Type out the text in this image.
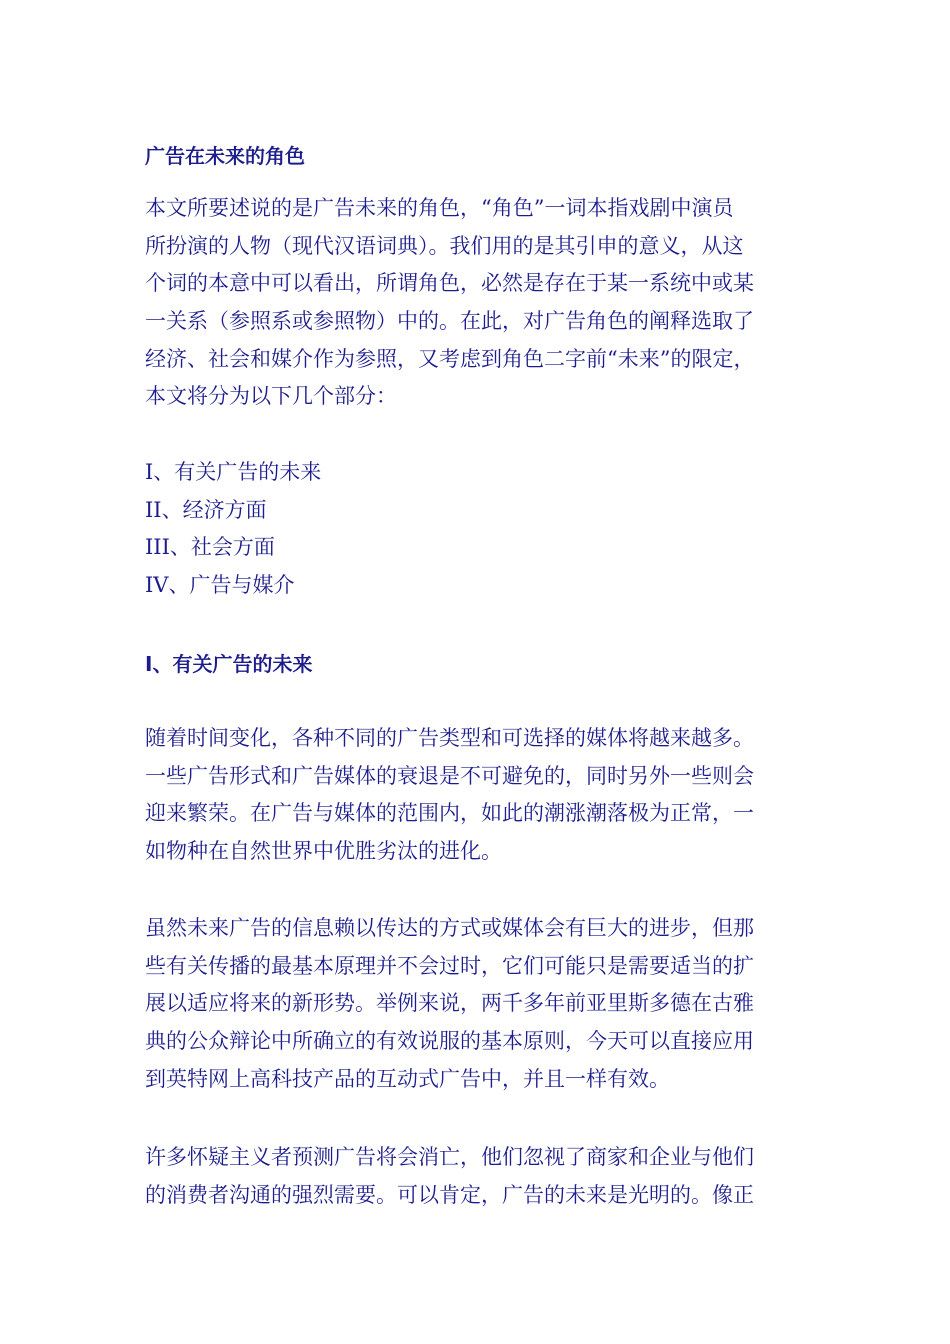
广告在未来的角色
本文所要述说的是广告未来的角色，“角色”一词本指戏剧中演员
所扮演的人物（现代汉语词典）。我们用的是其引申的意义，从这
个词的本意中可以看出，所谓角色，必然是存在于某一系统中或某
一关系（参照系或参照物）中的。在此，对广告角色的阐释选取了
经济、社会和媒介作为参照，又考虑到角色二字前“未来”的限定，
本文将分为以下几个部分：
I、有关广告的未来
II、经济方面
III、社会方面
IV、广告与媒介
I、有关广告的未来
随着时间变化，各种不同的广告类型和可选择的媒体将越来越多。
一些广告形式和广告媒体的衰退是不可避免的，同时另外一些则会
迎来繁荣。在广告与媒体的范围内，如此的潮涨潮落极为正常，一
如物种在自然世界中优胜劣汰的进化。
虽然未来广告的信息赖以传达的方式或媒体会有巨大的进步，但那
些有关传播的最基本原理并不会过时，它们可能只是需要适当的扩
展以适应将来的新形势。举例来说，两千多年前亚里斯多德在古雅
典的公众辩论中所确立的有效说服的基本原则，今天可以直接应用
到英特网上高科技产品的互动式广告中，并且一样有效。
许多怀疑主义者预测广告将会消亡，他们忽视了商家和企业与他们
的消费者沟通的强烈需要。可以肯定，广告的未来是光明的。像正
